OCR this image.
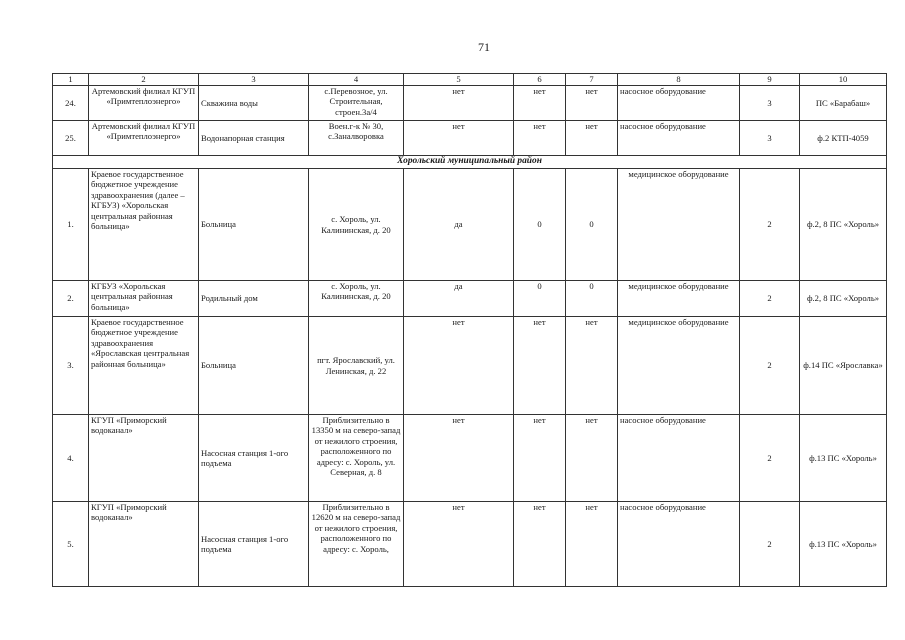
71
1	2	3	4	5	6	7	8	9	10
24.	Артемовский филиал КГУП «Примтеплоэнерго»	Скважина воды	с.Перевозное, ул. Строительная, строен.3а/4	нет	нет	нет	насосное оборудование	3	ПС «Барабаш»
25.	Артемовский филиал КГУП «Примтеплоэнерго»	Водонапорная станция	Воен.г-к № 30, с.Заналворовка	нет	нет	нет	насосное оборудование	3	ф.2 КТП-4059
Хорольский муниципальный район									
1.	Краевое государственное бюджетное учреждение здравоохранения (далее – КГБУЗ) «Хорольская центральная районная больница»	Больница	с. Хороль, ул. Калининская, д. 20	да	0	0	медицинское оборудование	2	ф.2, 8 ПС «Хороль»
2.	КГБУЗ «Хорольская центральная районная больница»	Родильный дом	с. Хороль, ул. Калининская, д. 20	да	0	0	медицинское оборудование	2	ф.2, 8 ПС «Хороль»
3.	Краевое государственное бюджетное учреждение здравоохранения «Ярославская центральная районная больница»	Больница	пгт. Ярославский, ул. Ленинская, д. 22	нет	нет	нет	медицинское оборудование	2	ф.14 ПС «Ярославка»
4.	КГУП «Приморский водоканал»	Насосная станция 1-ого подъема	Приблизительно в 13350 м на северо-запад от нежилого строения, расположенного по адресу: с. Хороль, ул. Северная, д. 8	нет	нет	нет	насосное оборудование	2	ф.13 ПС «Хороль»
5.	КГУП «Приморский водоканал»	Насосная станция 1-ого подъема	Приблизительно в 12620 м на северо-запад от нежилого строения, расположенного по адресу: с. Хороль,	нет	нет	нет	насосное оборудование	2	ф.13 ПС «Хороль»
